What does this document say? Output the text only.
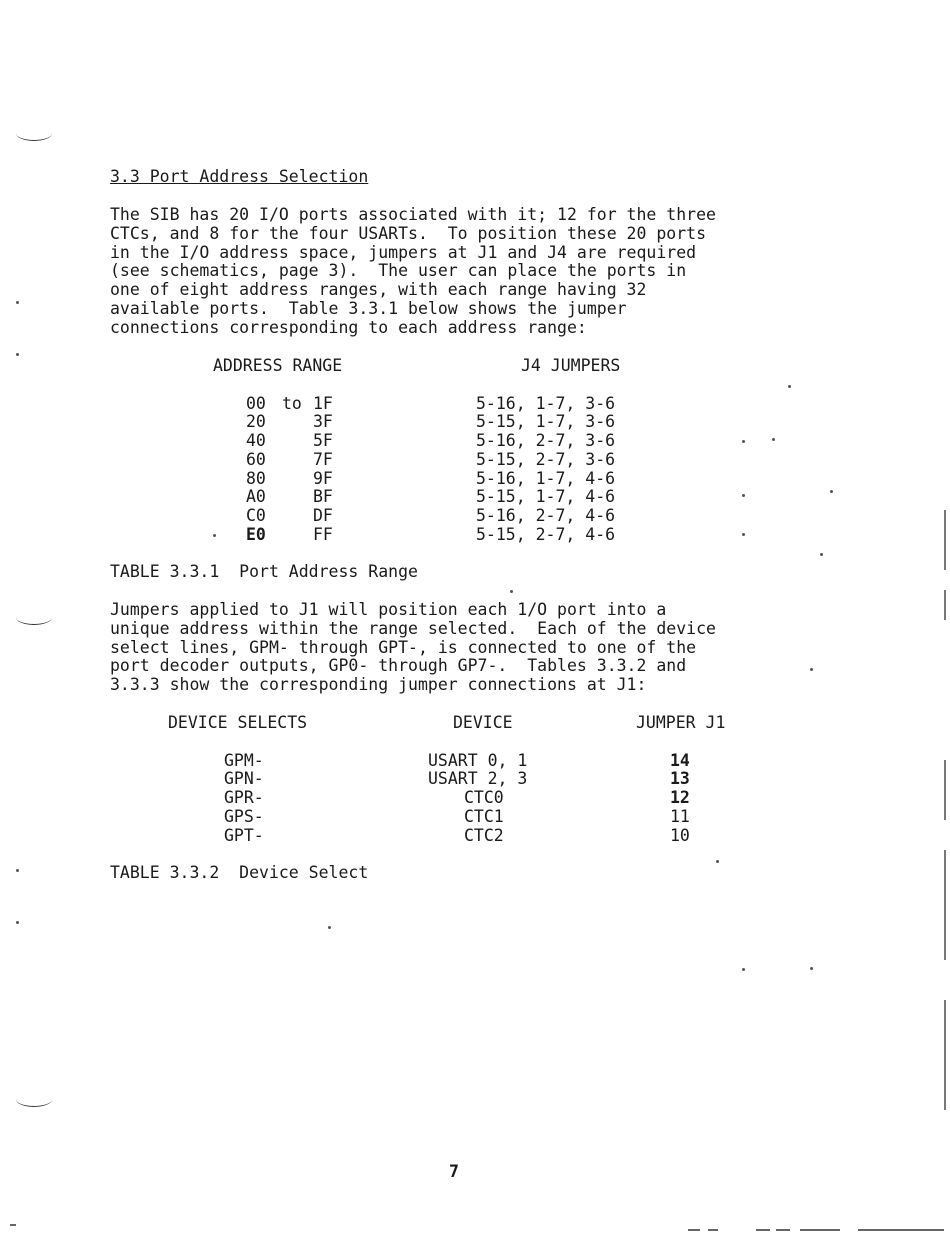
3.3 Port Address Selection
The SIB has 20 I/O ports associated with it; 12 for the three
CTCs, and 8 for the four USARTs.  To position these 20 ports
in the I/O address space, jumpers at J1 and J4 are required
(see schematics, page 3).  The user can place the ports in
one of eight address ranges, with each range having 32
available ports.  Table 3.3.1 below shows the jumper
connections corresponding to each address range:
ADDRESS RANGE	J4 JUMPERS
00 to 1F	5-16, 1-7, 3-6
20	3F	5-15, 1-7, 3-6
40	5F	5-16, 2-7, 3-6
60	7F	5-15, 2-7, 3-6
80	9F	5-16, 1-7, 4-6
A0	BF	5-15, 1-7, 4-6
C0	DF	5-16, 2-7, 4-6
E0	FF	5-15, 2-7, 4-6
TABLE 3.3.1  Port Address Range
Jumpers applied to J1 will position each 1/O port into a
unique address within the range selected.  Each of the device
select lines, GPM- through GPT-, is connected to one of the
port decoder outputs, GP0- through GP7-.  Tables 3.3.2 and
3.3.3 show the corresponding jumper connections at J1:
DEVICE SELECTS	DEVICE	JUMPER J1
GPM-	USART 0, 1	14
GPN-	USART 2, 3	13
GPR-	CTC0	12
GPS-	CTC1	11
GPT-	CTC2	10
TABLE 3.3.2  Device Select
7
